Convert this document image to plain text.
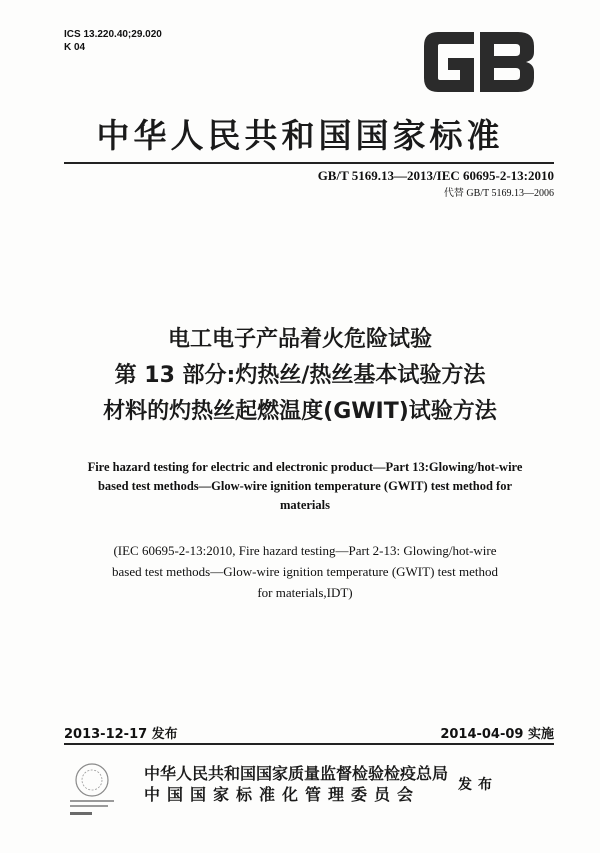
ICS 13.220.40;29.020
K 04
中华人民共和国国家标准
GB/T 5169.13—2013/IEC 60695-2-13:2010
代替 GB/T 5169.13—2006
电工电子产品着火危险试验
第 13 部分:灼热丝/热丝基本试验方法
材料的灼热丝起燃温度(GWIT)试验方法
Fire hazard testing for electric and electronic product—Part 13:Glowing/hot-wire
based test methods—Glow-wire ignition temperature (GWIT) test method for
materials
(IEC 60695-2-13:2010, Fire hazard testing—Part 2-13: Glowing/hot-wire
based test methods—Glow-wire ignition temperature (GWIT) test method
for materials,IDT)
2013-12-17 发布	2014-04-09 实施
中华人民共和国国家质量监督检验检疫总局
中国国家标准化管理委员会	发布
